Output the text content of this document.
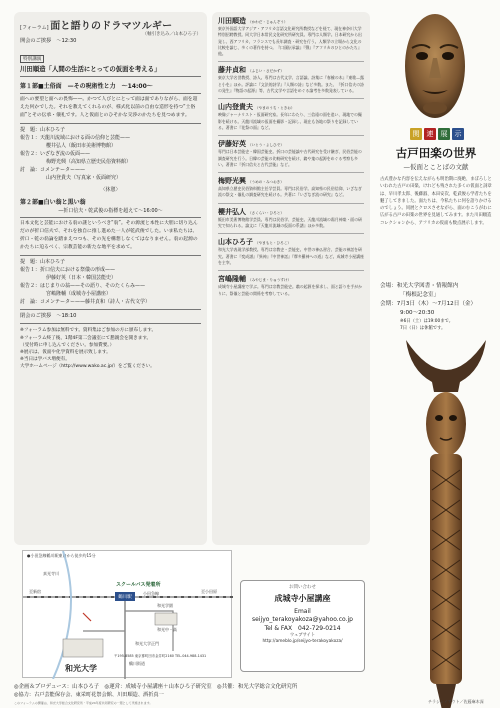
[フォーラム] 面と語りのドラマツルギー
（軸引き込み／山本ひろ子）
開会のご挨拶　〜12:30
特別講演
川田順造「人間の生活にとっての仮面を考える」
第１部■土俗面　—その呪術性と力　〜14:00〜
面への要望と面への畏怖——。かつて人びとにとって面は面でありながら、面を超えた何かでした。それを教えてくれるのが、様式化以前の自由な造形を持つ“土俗面”とその伝承・儀礼です。人と仮面とのひそかな交渉のかたちを見つめます。
提　題：山本ひろ子
報告１：天龍川流域における面の信仰と芸能——
櫻井弘人（飯田市美術博物館）
報告２：いざなぎ流の仮面——
梅野光興（高知県立歴史民俗資料館）
討　論：コメンテーター——
山内登貴夫（写真家・仮面研究）
〈休憩〉
第２部■白い翁と黒い翁
—折口信夫・乾武俊の指標を超えて〜16:00〜
日本文化と芸能における翁の謎というべき“翁”。その源流と本性に大胆に切り込んだのが折口信夫で、それを独自に推し進めた一人が乾武俊でした。いま私たちは、折口・乾の翁論を踏まえつつも、その先を構想しなくてはなりません。翁の起源のかたちに迫るべく、宗教芸能の新たな地平を求めて。
提　題：山本ひろ子
報告１：折口信夫における祭儀の形成——
伊藤好英（日本・韓国芸能史）
報告２：はじまりの翁——その語り、そのたくらみ——
宮嶋隆輔（成城寺小屋講座）
討　論：コメンテーター——藤井貞和（詩人・古代文学）
閉会のご挨拶　〜18:10
※フォーラム参加は無料です。資料集はご参加の方に頒布します。
※フォーラム終了後、1階4F第二会議室にて懇親会を開きます。
（受付時に申し込んでください。参加費要。）
※展示は、仮面や化学資料を展示致します。
※当日は学バス増便有。
大学ホームページ（http://www.wako.ac.jp/）をご覧ください。
川田順造 （かわだ・じゅんぞう）
東京外国語大学アジア・アフリカ言語文化研究所教授などを経て、現在神奈川大学特別招聘教授。同大学日本常民文化研究所研究員。専門は人類学。日本研究から出発し、西アフリカ、フランスでも長年調査・研究を行う。人類学の立場から文化の比較を論じ、多くの著作を持つ。『口頭伝承論』『聲』『アフリカのひとのかたち』他。
藤井貞和 （ふじい・さだかず）
東京大学名誉教授、詩人。専門は古代文学、言語論。詩集に『春楡の木』『東歌—露と小を』ほか。評論に『文法的詩学』『人類の詩』など多数。また、『折口信夫の詩の発生』『物語の起源』等、古代文学や言語をめぐる論考を多数発表している。
山内登貴夫 （やまのうち・ときお）
映像ジャーナリスト・仮面研究家。長年にわたり、三信遠の面を追い、現地での撮影を続ける。天龍川流域の仮面を撮影・記録し、現在も各地の祭りを記録している。著書に『花祭の面』など。
伊藤好英 （いとう・よしひで）
専門は日本芸能史・韓国芸能史。折口の芸能論や古代研究を受け継ぎ、民俗芸能の調査研究を行う。日韓の芸能の比較研究を続け、翁や鬼の起源をめぐる考察も多い。著書に『折口信夫と古代芸能』など。
梅野光興 （うめの・みつおき）
高知県立歴史民俗資料館主任学芸員。専門は民俗学。高知県の民俗信仰、いざなぎ流の祭文・儀礼の調査研究を続ける。共著に『いざなぎ流の研究』など。
櫻井弘人 （さくらい・ひろと）
飯田市美術博物館学芸員。専門は民俗学、芸能史。天龍川流域の霜月神楽・面の研究で知られる。論文に『天龍川流域の仮面の系譜』ほか多数。
山本ひろ子 （やまもと・ひろこ）
和光大学表現学部教授。専門は宗教史・芸能史。中世の神仏習合、芸能の神話を研究。著書に『変成譜』『異神』『中世神話』『摩多羅神への道』など。成城寺小屋講座を主宰。
宮嶋隆輔 （みやじま・りゅうすけ）
成城寺小屋講座で学ぶ。専門は宗教芸能史。翁の起源を探求し、面と語りを手がかりに、祭儀と芸能の関係を考察している。
関	連	展	示
古戸田楽の世界
—仮面とことばの文献
古式豊かな内容を伝えながらも明治期に廃絶、まぼろしといわれた古戸の田楽。けれども残された多くの仮面と詞章は、早川孝太郎、後藤淑、本田安次、乾武俊ら学者たちを魅了してきました。面たちは、今私たちに何を語りかけるのでしょう。同展とクロスさせながら、面のむこうがわに広がる古戸の田楽の世界を見通してみます。また川田順造コレクションから、アフリカの仮面も数点展示します。
会場：和光大学図書・情報館内
「梅根記念室」
会期：7月3日（木）〜7月12日（金）
9:00〜20:30
※6日（土）は19:00まで。
7日（日）は休館です。
●小田急線鶴川駅東口から徒歩約15分
至新宿	至小田原
真光寺川
和光学園
和光中・高
和光大学正門
鶴川街道
小田急線
スクールバス発着所
鶴川駅
和光大学
〒195-8585 東京都町田市金井町2160 TEL.044-988-1431
お問い合わせ
成城寺小屋講座
Email
seijyo_terakoyakoza@yahoo.co.jp
Tel & FAX　042-729-0214
ウェブサイト
http://ameblo.jp/seijyo-terakoyakoza/
◎企画＆プロデュース：山本ひろ子　◎運営：成城寺小屋講座＋山本ひろ子研究室　◎共催：和光大学総合文化研究所
◎協力：古戸芸能保存会、東栄町花祭会館、川田順造、酒折真一
このフォーラムの開催は、和光大学総合文化研究所・平成24年度共同研究の一環として実施されます。	チラシレイアウト／佐藤麻木深
